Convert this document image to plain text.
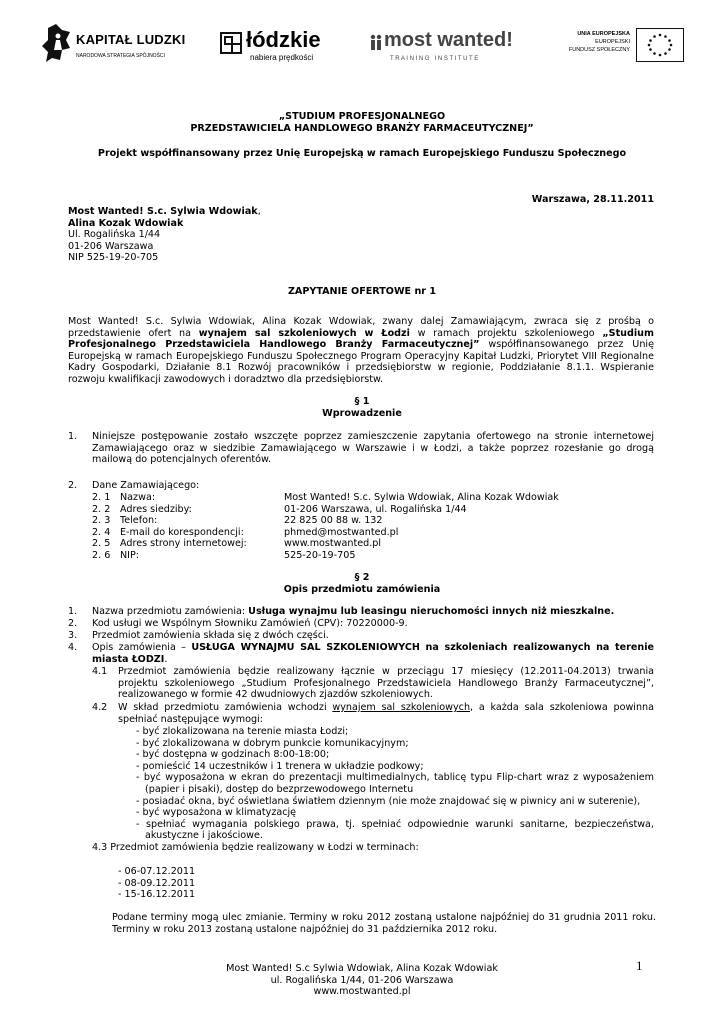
KAPITAŁ LUDZKI
NARODOWA STRATEGIA SPÓJNOŚCI
łódzkie
nabiera prędkości
most wanted!
T R A I N I N G   I N S T I T U T E
UNIA EUROPEJSKA
EUROPEJSKI
FUNDUSZ SPOŁECZNY
„STUDIUM PROFESJONALNEGO
PRZEDSTAWICIELA HANDLOWEGO BRANŻY FARMACEUTYCZNEJ”
Projekt współfinansowany przez Unię Europejską w ramach Europejskiego Funduszu Społecznego
Warszawa, 28.11.2011
Most Wanted! S.c. Sylwia Wdowiak,
Alina Kozak Wdowiak
Ul. Rogalińska 1/44
01-206 Warszawa
NIP 525-19-20-705
ZAPYTANIE OFERTOWE nr 1
Most Wanted! S.c. Sylwia Wdowiak, Alina Kozak Wdowiak, zwany dalej Zamawiającym, zwraca się z prośbą o przedstawienie ofert na wynajem sal szkoleniowych w Łodzi w ramach projektu szkoleniowego „Studium Profesjonalnego Przedstawiciela Handlowego Branży Farmaceutycznej” współfinansowanego przez Unię Europejską w ramach Europejskiego Funduszu Społecznego Program Operacyjny Kapitał Ludzki, Priorytet VIII Regionalne Kadry Gospodarki, Działanie 8.1 Rozwój pracowników i przedsiębiorstw w regionie, Poddziałanie 8.1.1. Wspieranie rozwoju kwalifikacji zawodowych i doradztwo dla przedsiębiorstw.
§ 1
Wprowadzenie
1. Niniejsze postępowanie zostało wszczęte poprzez zamieszczenie zapytania ofertowego na stronie internetowej Zamawiającego oraz w siedzibie Zamawiającego w Warszawie i w Łodzi, a także poprzez rozesłanie go drogą mailową do potencjalnych oferentów.
2. Dane Zamawiającego:
2. 1 Nazwa:	Most Wanted! S.c. Sylwia Wdowiak, Alina Kozak Wdowiak
2. 2 Adres siedziby:	01-206 Warszawa, ul. Rogalińska 1/44
2. 3 Telefon:	22 825 00 88 w. 132
2. 4 E-mail do korespondencji:	phmed@mostwanted.pl
2. 5 Adres strony internetowej:	www.mostwanted.pl
2. 6 NIP:	525-20-19-705
§ 2
Opis przedmiotu zamówienia
1. Nazwa przedmiotu zamówienia: Usługa wynajmu lub leasingu nieruchomości innych niż mieszkalne.
2. Kod usługi we Wspólnym Słowniku Zamówień (CPV): 70220000-9.
3. Przedmiot zamówienia składa się z dwóch części.
4. Opis zamówienia – USŁUGA WYNAJMU SAL SZKOLENIOWYCH na szkoleniach realizowanych na terenie miasta ŁODZI.
4.1 Przedmiot zamówienia będzie realizowany łącznie w przeciągu 17 miesięcy (12.2011-04.2013) trwania projektu szkoleniowego „Studium Profesjonalnego Przedstawiciela Handlowego Branży Farmaceutycznej”, realizowanego w formie 42 dwudniowych zjazdów szkoleniowych.
4.2 W skład przedmiotu zamówienia wchodzi wynajem sal szkoleniowych, a każda sala szkoleniowa powinna spełniać następujące wymogi:
- być zlokalizowana na terenie miasta Łodzi;
- być zlokalizowana w dobrym punkcie komunikacyjnym;
- być dostępna w godzinach 8:00-18:00;
- pomieścić 14 uczestników i 1 trenera w układzie podkowy;
- być wyposażona w ekran do prezentacji multimedialnych, tablicę typu Flip-chart wraz z wyposażeniem (papier i pisaki), dostęp do bezprzewodowego Internetu
- posiadać okna, być oświetlana światłem dziennym (nie może znajdować się w piwnicy ani w suterenie),
- być wyposażona w klimatyzację
- spełniać wymagania polskiego prawa, tj. spełniać odpowiednie warunki sanitarne, bezpieczeństwa, akustyczne i jakościowe.
4.3 Przedmiot zamówienia będzie realizowany w Łodzi w terminach:
- 06-07.12.2011
- 08-09.12.2011
- 15-16.12.2011
Podane terminy mogą ulec zmianie. Terminy w roku 2012 zostaną ustalone najpóźniej do 31 grudnia 2011 roku. Terminy w roku 2013 zostaną ustalone najpóźniej do 31 października 2012 roku.
Most Wanted! S.c Sylwia Wdowiak, Alina Kozak Wdowiak
ul. Rogalińska 1/44, 01-206 Warszawa
www.mostwanted.pl
1
